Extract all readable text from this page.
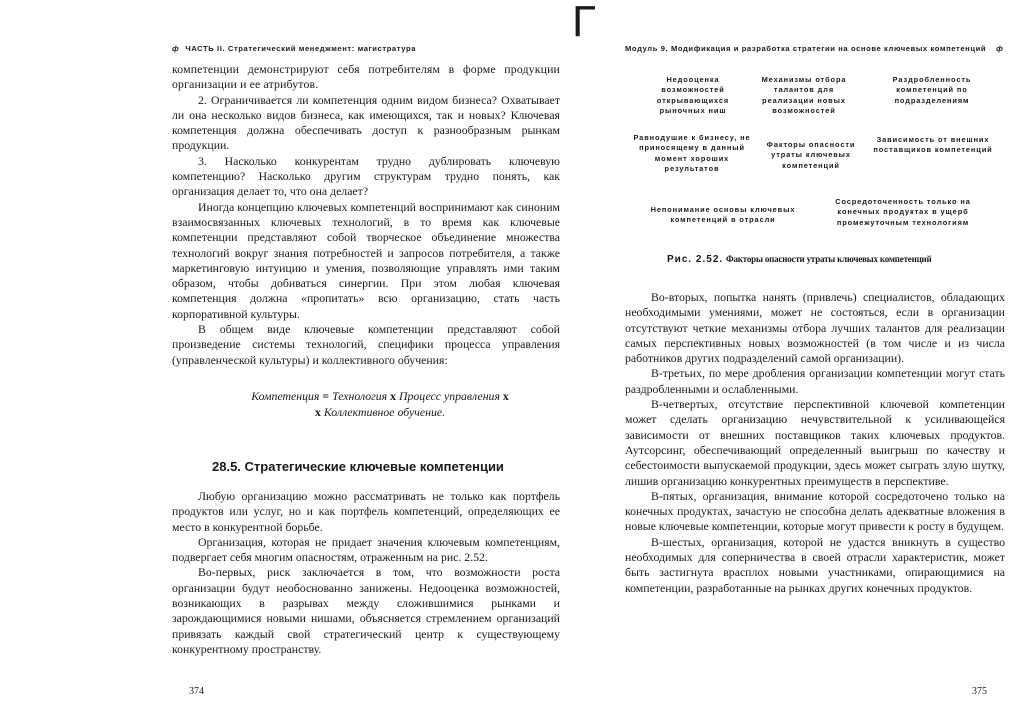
ф ЧАСТЬ II. Стратегический менеджмент: магистратура

компетенции демонстрируют себя потребителям в форме продукции организации и ее атрибутов.

2. Ограничивается ли компетенция одним видом бизнеса? Охватывает ли она несколько видов бизнеса, как имеющихся, так и новых? Ключевая компетенция должна обеспечивать доступ к разнообразным рынкам продукции.

3. Насколько конкурентам трудно дублировать ключевую компетенцию? Насколько другим структурам трудно понять, как организация делает то, что она делает?

Иногда концепцию ключевых компетенций воспринимают как синоним взаимосвязанных ключевых технологий, в то время как ключевые компетенции представляют собой творческое объединение множества технологий вокруг знания потребностей и запросов потребителя, а также маркетинговую интуицию и умения, позволяющие управлять ими таким образом, чтобы добиваться синергии. При этом любая ключевая компетенция должна «пропитать» всю организацию, стать часть корпоративной культуры.

В общем виде ключевые компетенции представляют собой произведение системы технологий, специфики процесса управления (управленческой культуры) и коллективного обучения:

Компетенция = Технология x Процесс управления x
x Коллективное обучение.
28.5. Стратегические ключевые компетенции

Любую организацию можно рассматривать не только как портфель продуктов или услуг, но и как портфель компетенций, определяющих ее место в конкурентной борьбе.

Организация, которая не придает значения ключевым компетенциям, подвергает себя многим опасностям, отраженным на рис. 2.52.

Во-первых, риск заключается в том, что возможности роста организации будут необоснованно занижены. Недооценка возможностей, возникающих в разрывах между сложившимися рынками и зарождающимися новыми нишами, объясняется стремлением организаций привязать каждый свой стратегический центр к существующему конкурентному пространству.

374
Г
Модуль 9. Модификация и разработка стратегии на основе ключевых компетенций ф
Недооценка возможностей открывающихся рыночных ниш
Механизмы отбора талантов для реализации новых возможностей
Раздробленность компетенций по подразделениям
Равнодушие к бизнесу, не приносящему в данный момент хороших результатов
Факторы опасности утраты ключевых компетенций
Зависимость от внешних поставщиков компетенций
Непонимание основы ключевых компетенций в отрасли
Сосредоточенность только на конечных продуктах в ущерб промежуточным технологиям
Рис. 2.52. Факторы опасности утраты ключевых компетенций

Во-вторых, попытка нанять (привлечь) специалистов, обладающих необходимыми умениями, может не состояться, если в организации отсутствуют четкие механизмы отбора лучших талантов для реализации самых перспективных новых возможностей (в том числе и из числа работников других подразделений самой организации).

В-третьих, по мере дробления организации компетенции могут стать раздробленными и ослабленными.

В-четвертых, отсутствие перспективной ключевой компетенции может сделать организацию нечувствительной к усиливающейся зависимости от внешних поставщиков таких ключевых продуктов. Аутсорсинг, обеспечивающий определенный выигрыш по качеству и себестоимости выпускаемой продукции, здесь может сыграть злую шутку, лишив организацию конкурентных преимуществ в перспективе.

В-пятых, организация, внимание которой сосредоточено только на конечных продуктах, зачастую не способна делать адекватные вложения в новые ключевые компетенции, которые могут привести к росту в будущем.

В-шестых, организация, которой не удастся вникнуть в существо необходимых для соперничества в своей отрасли характеристик, может быть застигнута врасплох новыми участниками, опирающимися на компетенции, разработанные на рынках других конечных продуктов.

375
